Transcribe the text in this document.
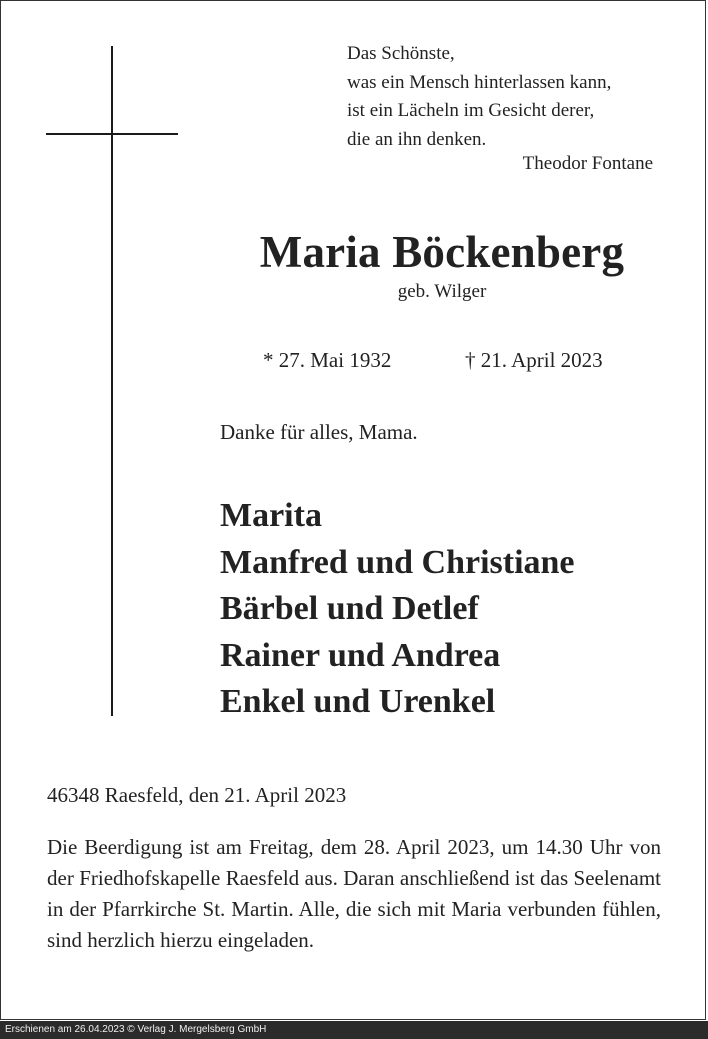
Das Schönste,
was ein Mensch hinterlassen kann,
ist ein Lächeln im Gesicht derer,
die an ihn denken.
Theodor Fontane
Maria Böckenberg
geb. Wilger
* 27. Mai 1932	† 21. April 2023
Danke für alles, Mama.
Marita
Manfred und Christiane
Bärbel und Detlef
Rainer und Andrea
Enkel und Urenkel
46348 Raesfeld, den 21. April 2023
Die Beerdigung ist am Freitag, dem 28. April 2023, um 14.30 Uhr von der Friedhofskapelle Raesfeld aus. Daran anschließend ist das Seelenamt in der Pfarrkirche St. Martin. Alle, die sich mit Maria verbunden fühlen, sind herzlich hierzu eingeladen.
Erschienen am 26.04.2023 © Verlag J. Mergelsberg GmbH
